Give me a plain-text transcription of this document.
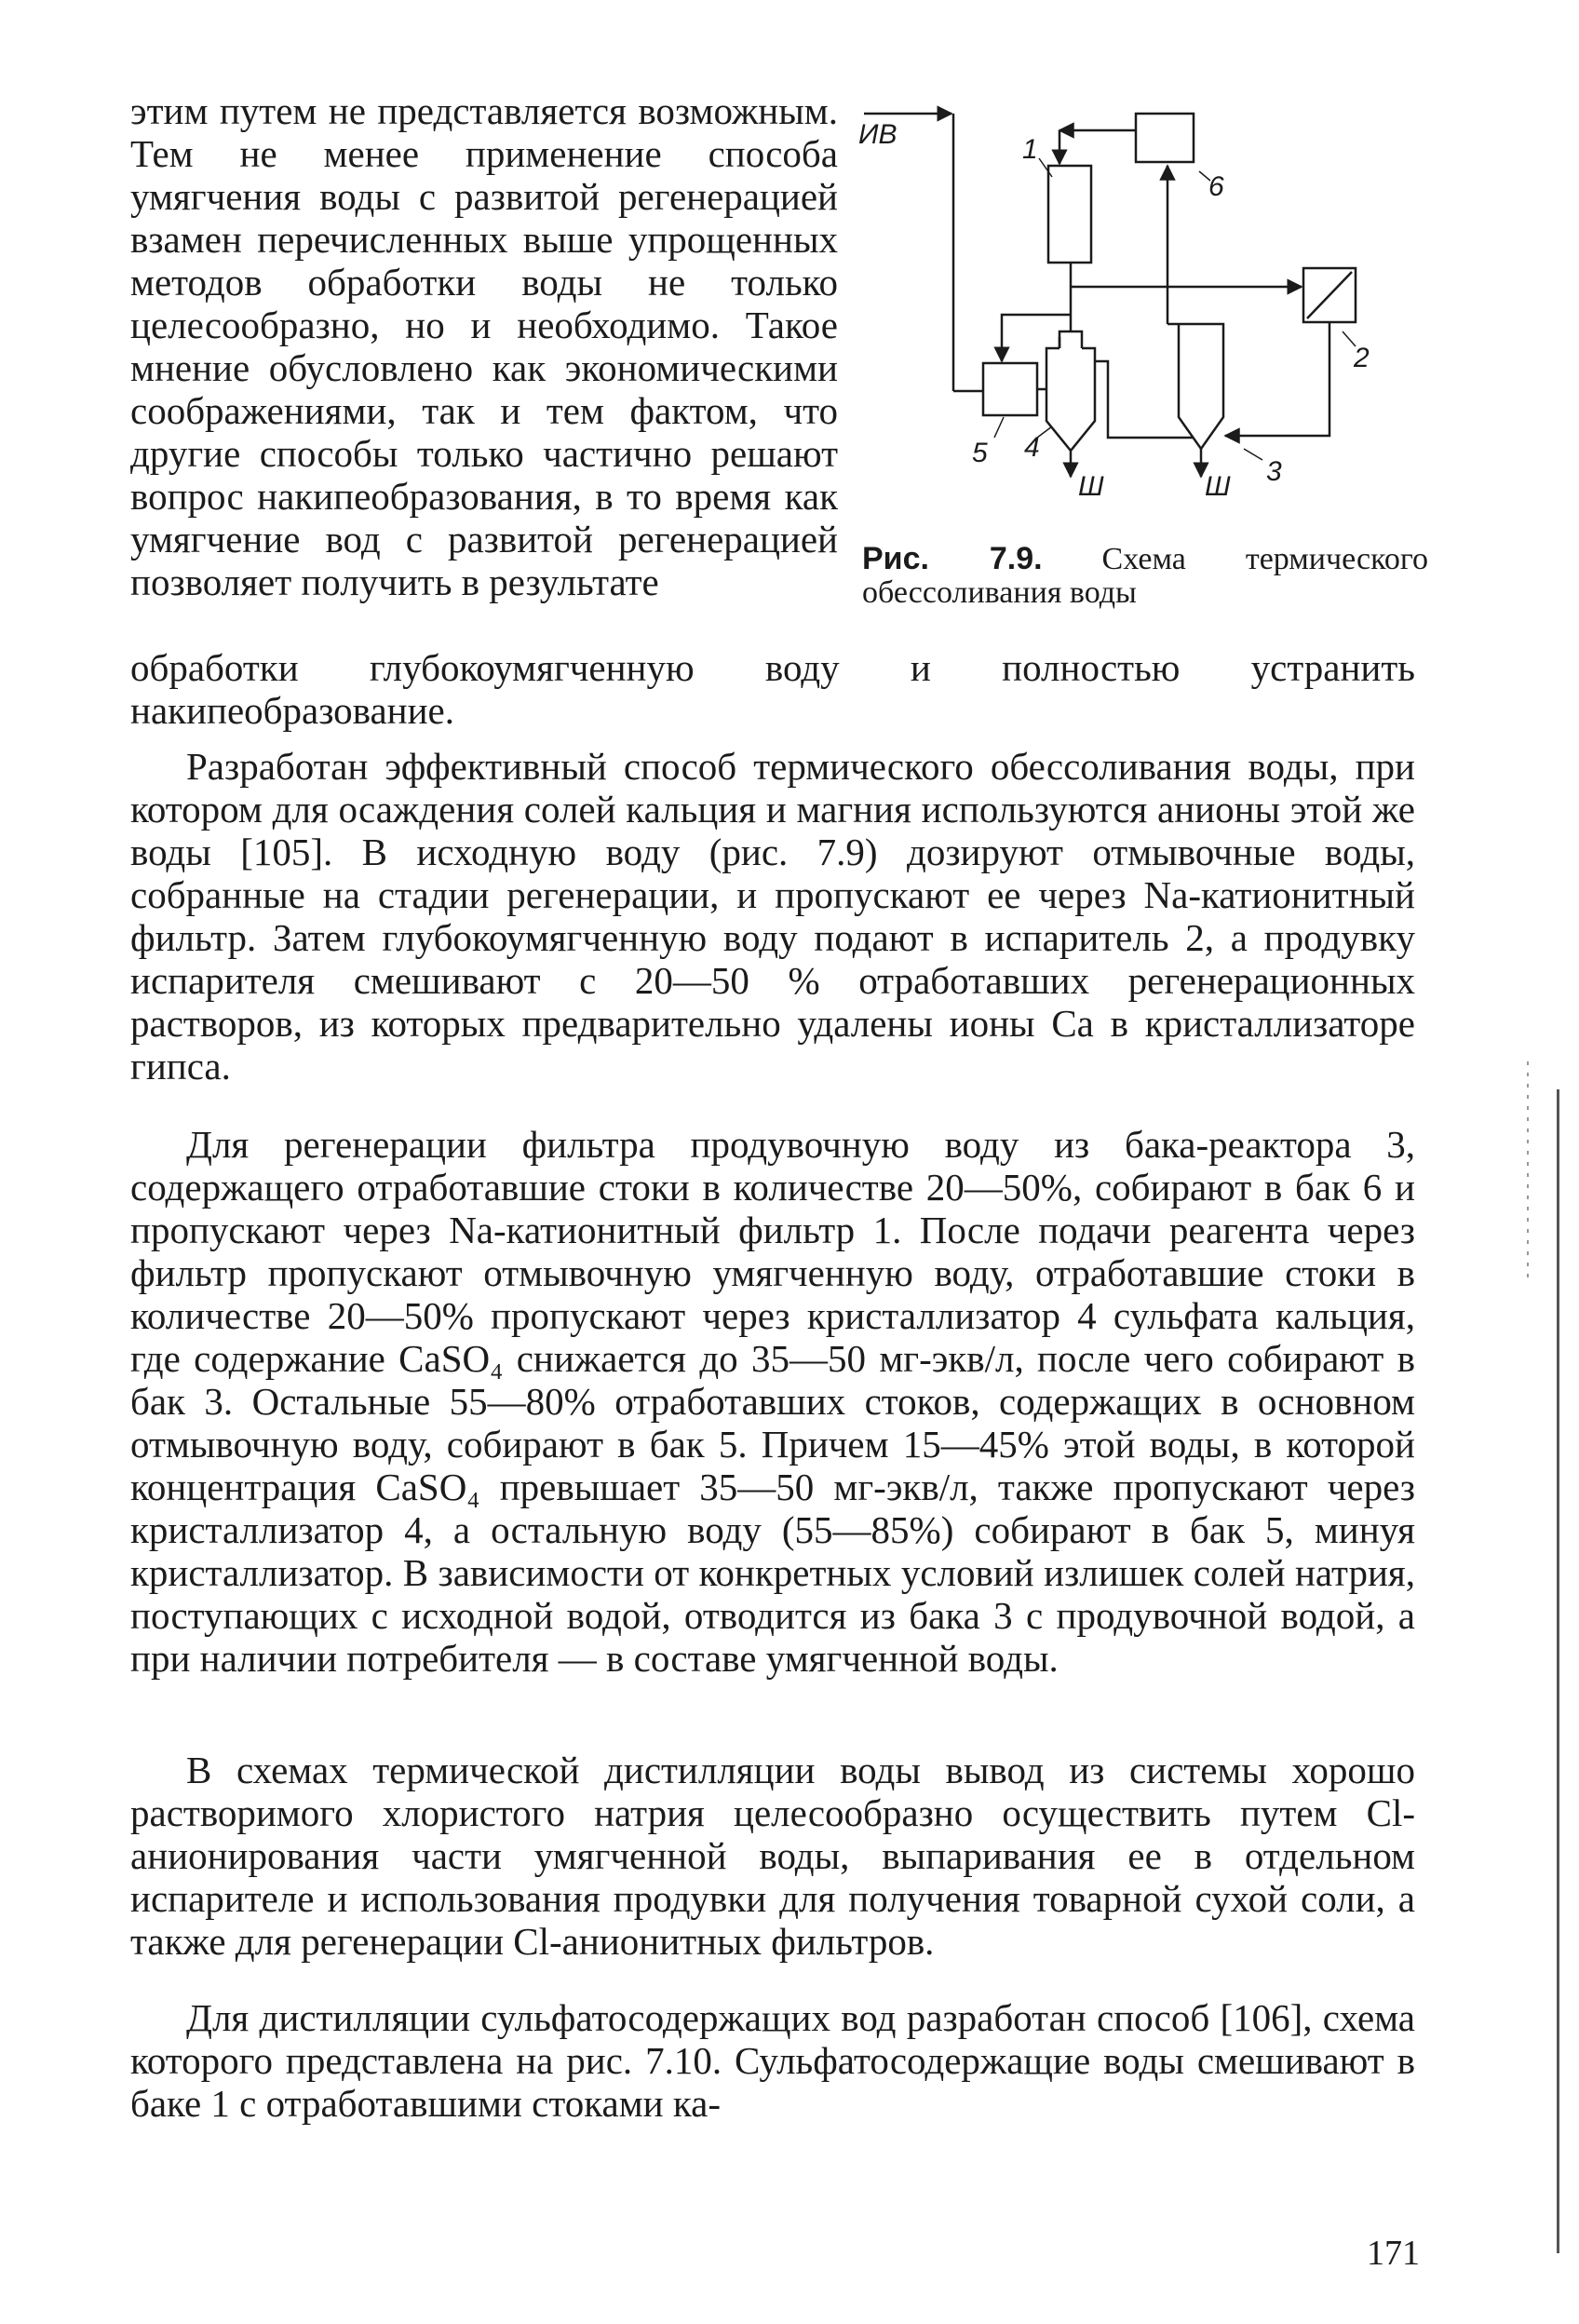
этим путем не представляется возможным. Тем не менее применение способа умягчения воды с развитой регенерацией взамен перечисленных выше упрощенных методов обработки воды не только целесообразно, но и необходимо. Такое мнение обусловлено как экономическими соображениями, так и тем фактом, что другие способы только частично решают вопрос накипеобразования, в то время как умягчение вод с развитой регенерацией позволяет получить в результате

ИВ	1
6
2
3
4
5
Ш	Ш
Рис. 7.9. Схема термического обессоливания воды

обработки глубокоумягченную воду и полностью устранить накипеобразование.

Разработан эффективный способ термического обессоливания воды, при котором для осаждения солей кальция и магния используются анионы этой же воды [105]. В исходную воду (рис. 7.9) дозируют отмывочные воды, собранные на стадии регенерации, и пропускают ее через Na-катионитный фильтр. Затем глубокоумягченную воду подают в испаритель 2, а продувку испарителя смешивают с 20—50 % отработавших регенерационных растворов, из которых предварительно удалены ионы Са в кристаллизаторе гипса.

Для регенерации фильтра продувочную воду из бака-реактора 3, содержащего отработавшие стоки в количестве 20—50%, собирают в бак 6 и пропускают через Na-катионитный фильтр 1. После подачи реагента через фильтр пропускают отмывочную умягченную воду, отработавшие стоки в количестве 20—50% пропускают через кристаллизатор 4 сульфата кальция, где содержание CaSO₄ снижается до 35—50 мг-экв/л, после чего собирают в бак 3. Остальные 55—80% отработавших стоков, содержащих в основном отмывочную воду, собирают в бак 5. Причем 15—45% этой воды, в которой концентрация CaSO₄ превышает 35—50 мг-экв/л, также пропускают через кристаллизатор 4, а остальную воду (55—85%) собирают в бак 5, минуя кристаллизатор. В зависимости от конкретных условий излишек солей натрия, поступающих с исходной водой, отводится из бака 3 с продувочной водой, а при наличии потребителя — в составе умягченной воды.

В схемах термической дистилляции воды вывод из системы хорошо растворимого хлористого натрия целесообразно осуществить путем Cl-анионирования части умягченной воды, выпаривания ее в отдельном испарителе и использования продувки для получения товарной сухой соли, а также для регенерации Cl-анионитных фильтров.

Для дистилляции сульфатосодержащих вод разработан способ [106], схема которого представлена на рис. 7.10. Сульфатосодержащие воды смешивают в баке 1 с отработавшими стоками ка-

171
